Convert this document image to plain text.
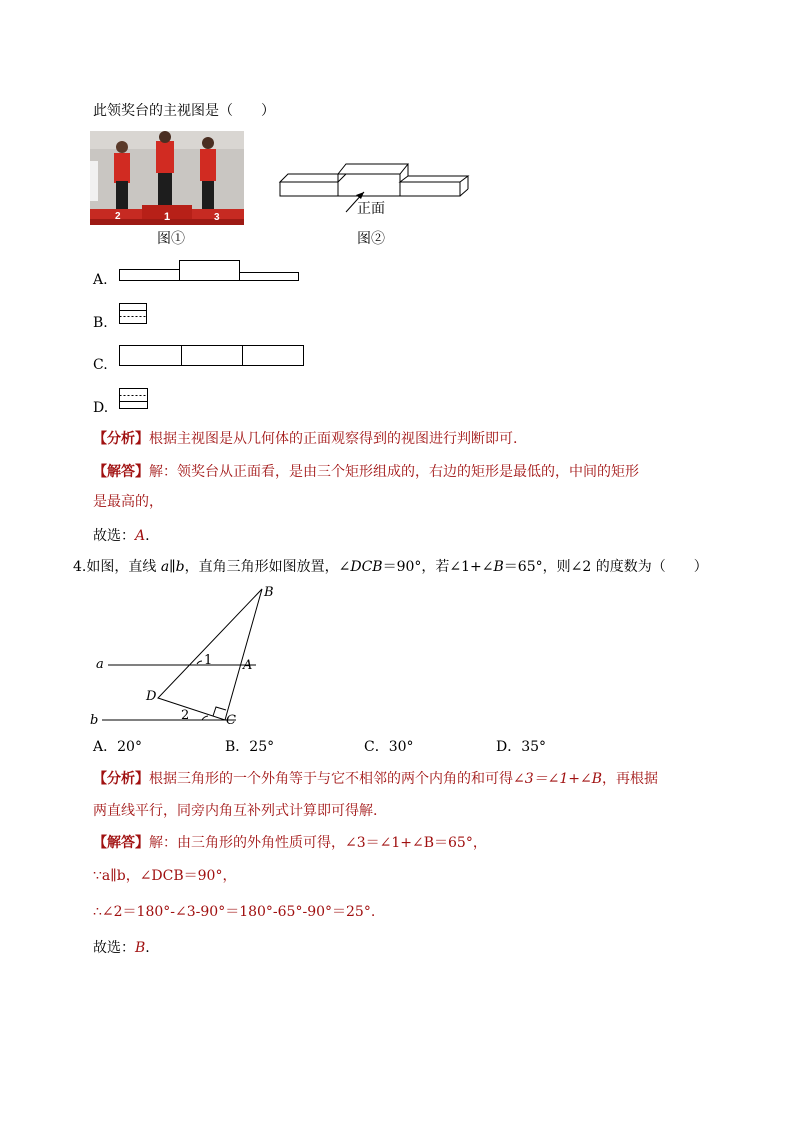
此领奖台的主视图是（　　）
2	1	3
图①
正面
图②
A.
B.
C.
D.
【分析】根据主视图是从几何体的正面观察得到的视图进行判断即可.
【解答】解：领奖台从正面看，是由三个矩形组成的，右边的矩形是最低的，中间的矩形
是最高的，
故选：A.
4.如图，直线 a∥b，直角三角形如图放置，∠DCB＝90°，若∠1+∠B＝65°，则∠2 的度数为（　　）
B
a	1 A
D
b	2	C
A．20°	B．25°	C．30°	D．35°
【分析】根据三角形的一个外角等于与它不相邻的两个内角的和可得∠3＝∠1+∠B，再根据
两直线平行，同旁内角互补列式计算即可得解.
【解答】解：由三角形的外角性质可得，∠3＝∠1+∠B＝65°，
∵a∥b，∠DCB＝90°，
∴∠2＝180°-∠3-90°＝180°-65°-90°＝25°.
故选：B.
